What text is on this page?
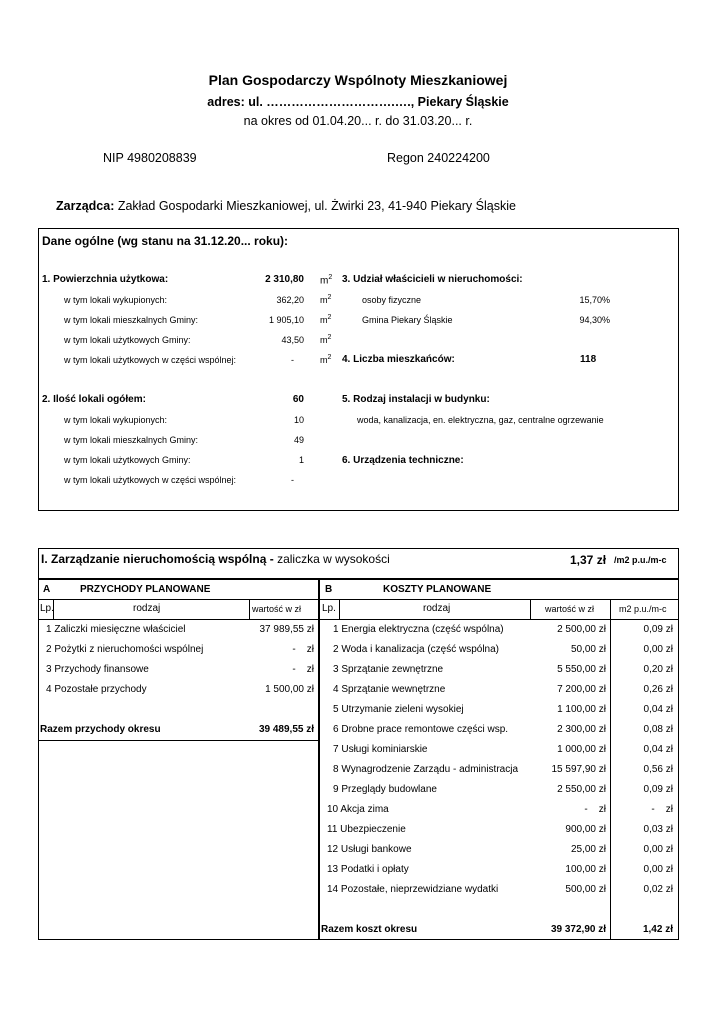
Plan Gospodarczy Wspólnoty Mieszkaniowej
adres: ul. ………………………….…., Piekary Śląskie
na okres od 01.04.20... r. do 31.03.20... r.
NIP 4980208839	Regon 240224200
Zarządca: Zakład Gospodarki Mieszkaniowej, ul. Żwirki 23, 41-940 Piekary Śląskie
Dane ogólne (wg stanu na 31.12.20... roku):
1. Powierzchnia użytkowa:	2 310,80 $m^2$
w tym lokali wykupionych:	362,20 $m^2$
w tym lokali mieszkalnych Gminy:	1 905,10 $m^2$
w tym lokali użytkowych Gminy:	43,50 $m^2$
w tym lokali użytkowych w części wspólnej:	-	$m^2$
3. Udział właścicieli w nieruchomości:
osoby fizyczne	15,70%
Gmina Piekary Śląskie	94,30%
4. Liczba mieszkańców:	118
2. Ilość lokali ogółem:	60
w tym lokali wykupionych:	10
w tym lokali mieszkalnych Gminy:	49
w tym lokali użytkowych Gminy:	1
w tym lokali użytkowych w części wspólnej:	-
5. Rodzaj instalacji w budynku:
woda, kanalizacja, en. elektryczna, gaz, centralne ogrzewanie
6. Urządzenia techniczne:
I. Zarządzanie nieruchomością wspólną - zaliczka w wysokości	1,37 zł /m2 p.u./m-c
A	PRZYCHODY PLANOWANE	B	KOSZTY PLANOWANE
Lp.	rodzaj	wartość w zł Lp.	rodzaj	wartość w zł	m2 p.u./m-c
1 Zaliczki miesięczne właściciel	37 989,55 zł
2 Pożytki z nieruchomości wspólnej	-    zł
3 Przychody finansowe	-    zł
4 Pozostałe przychody	1 500,00 zł
Razem przychody okresu	39 489,55 zł
1 Energia elektryczna (część wspólna)	2 500,00 zł	0,09 zł
2 Woda i kanalizacja (część wspólna)	50,00 zł	0,00 zł
3 Sprzątanie zewnętrzne	5 550,00 zł	0,20 zł
4 Sprzątanie wewnętrzne	7 200,00 zł	0,26 zł
5 Utrzymanie zieleni wysokiej	1 100,00 zł	0,04 zł
6 Drobne prace remontowe części wsp.	2 300,00 zł	0,08 zł
7 Usługi kominiarskie	1 000,00 zł	0,04 zł
8 Wynagrodzenie Zarządu - administracja	15 597,90 zł	0,56 zł
9 Przeglądy budowlane	2 550,00 zł	0,09 zł
10 Akcja zima	-    zł	-    zł
11 Ubezpieczenie	900,00 zł	0,03 zł
12 Usługi bankowe	25,00 zł	0,00 zł
13 Podatki i opłaty	100,00 zł	0,00 zł
14 Pozostałe, nieprzewidziane wydatki	500,00 zł	0,02 zł
Razem koszt okresu	39 372,90 zł	1,42 zł
